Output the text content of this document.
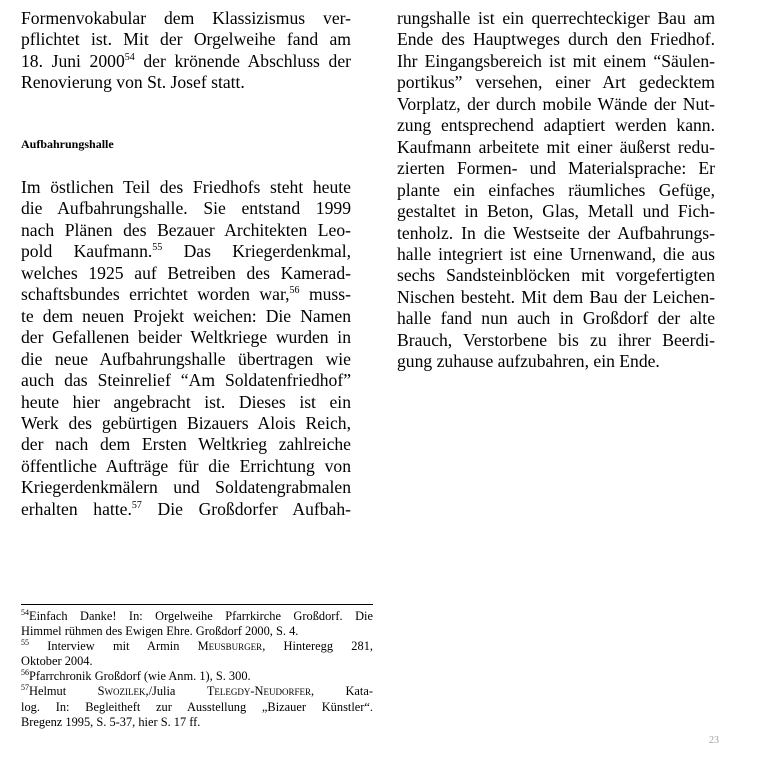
Formenvokabular dem Klassizismus ver-
pflichtet ist. Mit der Orgelweihe fand am
18. Juni 2000$^{54}$ der krönende Abschluss der
Renovierung von St. Josef statt.
Aufbahrungshalle
Im östlichen Teil des Friedhofs steht heute
die Aufbahrungshalle. Sie entstand 1999
nach Plänen des Bezauer Architekten Leo-
pold Kaufmann.$^{55}$ Das Kriegerdenkmal,
welches 1925 auf Betreiben des Kamerad-
schaftsbundes errichtet worden war,$^{56}$ muss-
te dem neuen Projekt weichen: Die Namen
der Gefallenen beider Weltkriege wurden in
die neue Aufbahrungshalle übertragen wie
auch das Steinrelief “Am Soldatenfriedhof”
heute hier angebracht ist. Dieses ist ein
Werk des gebürtigen Bizauers Alois Reich,
der nach dem Ersten Weltkrieg zahlreiche
öffentliche Aufträge für die Errichtung von
Kriegerdenkmälern und Soldatengrabmalen
erhalten hatte.$^{57}$ Die Großdorfer Aufbah-
rungshalle ist ein querrechteckiger Bau am
Ende des Hauptweges durch den Friedhof.
Ihr Eingangsbereich ist mit einem “Säulen-
portikus” versehen, einer Art gedecktem
Vorplatz, der durch mobile Wände der Nut-
zung entsprechend adaptiert werden kann.
Kaufmann arbeitete mit einer äußerst redu-
zierten Formen- und Materialsprache: Er
plante ein einfaches räumliches Gefüge,
gestaltet in Beton, Glas, Metall und Fich-
tenholz. In die Westseite der Aufbahrungs-
halle integriert ist eine Urnenwand, die aus
sechs Sandsteinblöcken mit vorgefertigten
Nischen besteht. Mit dem Bau der Leichen-
halle fand nun auch in Großdorf der alte
Brauch, Verstorbene bis zu ihrer Beerdi-
gung zuhause aufzubahren, ein Ende.
$^{54}$Einfach Danke! In: Orgelweihe Pfarrkirche Großdorf. Die
Himmel rühmen des Ewigen Ehre. Großdorf 2000, S. 4.
$^{55}$ Interview mit Armin Meusburger, Hinteregg 281,
Oktober 2004.
$^{56}$Pfarrchronik Großdorf (wie Anm. 1), S. 300.
$^{57}$Helmut Swozilek,/Julia Telegdy-Neudorfer, Kata-
log. In: Begleitheft zur Ausstellung „Bizauer Künstler“.
Bregenz 1995, S. 5-37, hier S. 17 ff.
23
